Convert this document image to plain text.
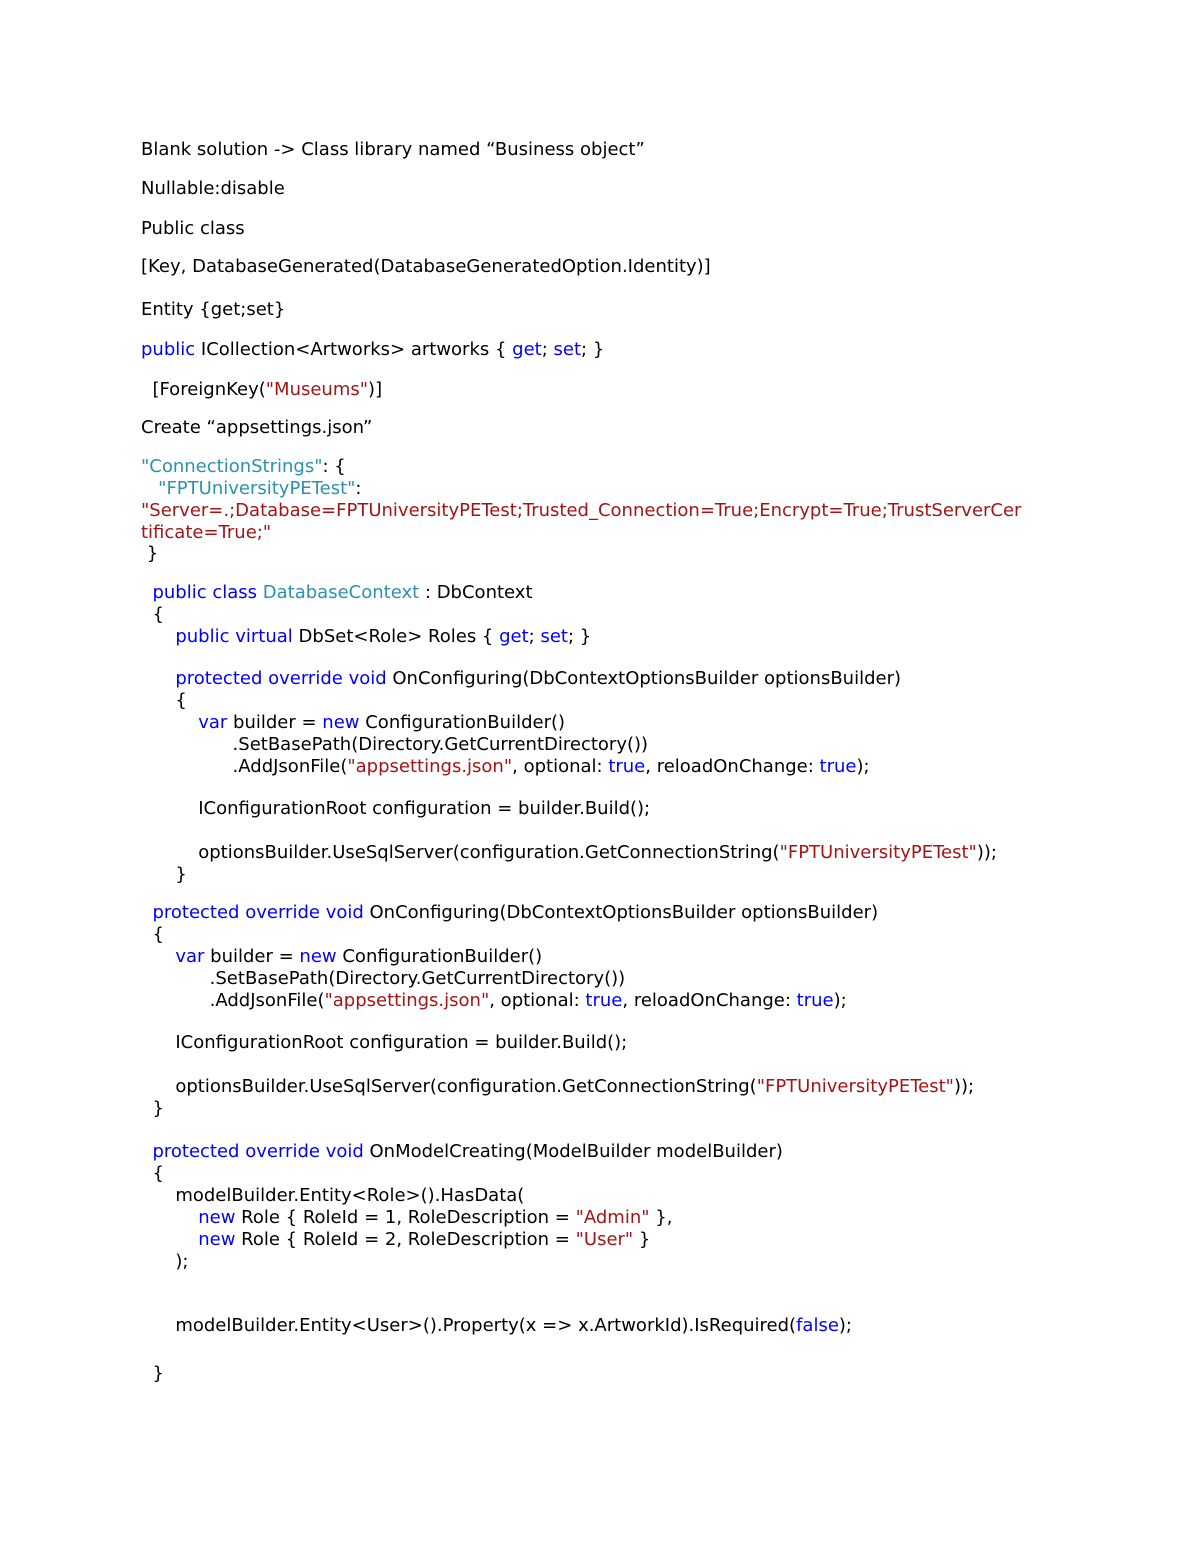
Blank solution -> Class library named “Business object”
Nullable:disable
Public class
[Key, DatabaseGenerated(DatabaseGeneratedOption.Identity)]
Entity {get;set}
public ICollection<Artworks> artworks { get; set; }
[ForeignKey("Museums")]
Create “appsettings.json”
"ConnectionStrings": {
"FPTUniversityPETest":
"Server=.;Database=FPTUniversityPETest;Trusted_Connection=True;Encrypt=True;TrustServerCer
tificate=True;"
}
public class DatabaseContext : DbContext
{
public virtual DbSet<Role> Roles { get; set; }
protected override void OnConfiguring(DbContextOptionsBuilder optionsBuilder)
{
var builder = new ConfigurationBuilder()
.SetBasePath(Directory.GetCurrentDirectory())
.AddJsonFile("appsettings.json", optional: true, reloadOnChange: true);
IConfigurationRoot configuration = builder.Build();
optionsBuilder.UseSqlServer(configuration.GetConnectionString("FPTUniversityPETest"));
}
protected override void OnConfiguring(DbContextOptionsBuilder optionsBuilder)
{
var builder = new ConfigurationBuilder()
.SetBasePath(Directory.GetCurrentDirectory())
.AddJsonFile("appsettings.json", optional: true, reloadOnChange: true);
IConfigurationRoot configuration = builder.Build();
optionsBuilder.UseSqlServer(configuration.GetConnectionString("FPTUniversityPETest"));
}
protected override void OnModelCreating(ModelBuilder modelBuilder)
{
modelBuilder.Entity<Role>().HasData(
new Role { RoleId = 1, RoleDescription = "Admin" },
new Role { RoleId = 2, RoleDescription = "User" }
);
modelBuilder.Entity<User>().Property(x => x.ArtworkId).IsRequired(false);
}
